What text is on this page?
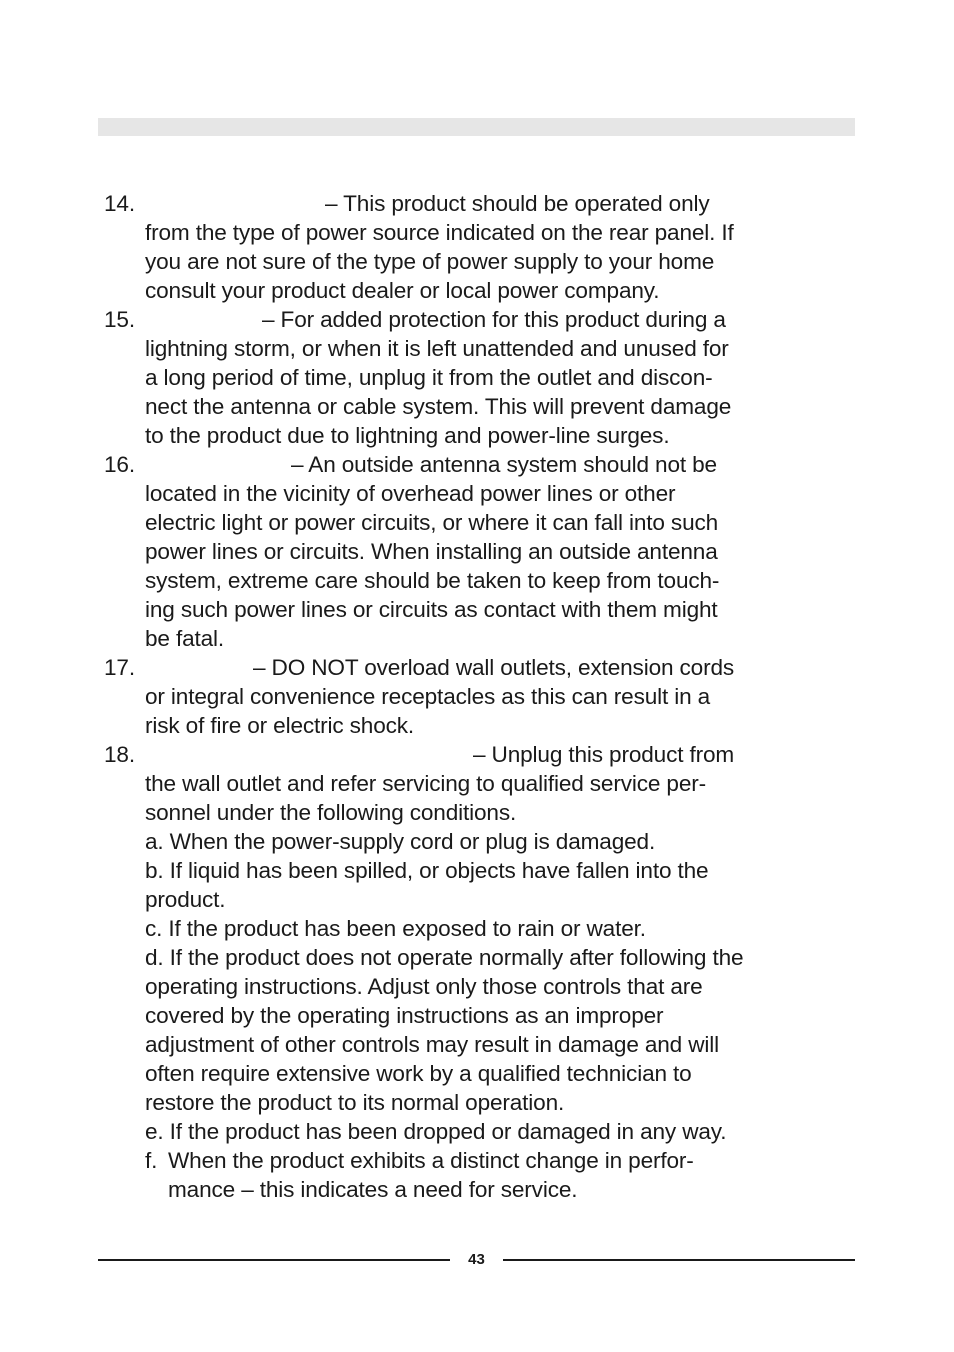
14.	– This product should be operated only
from the type of power source indicated on the rear panel. If
you are not sure of the type of power supply to your home
consult your product dealer or local power company.
15.	– For added protection for this product during a
lightning storm, or when it is left unattended and unused for
a long period of time, unplug it from the outlet and discon-
nect the antenna or cable system. This will prevent damage
to the product due to lightning and power-line surges.
16.	– An outside antenna system should not be
located in the vicinity of overhead power lines or other
electric light or power circuits, or where it can fall into such
power lines or circuits. When installing an outside antenna
system, extreme care should be taken to keep from touch-
ing such power lines or circuits as contact with them might
be fatal.
17.	– DO NOT overload wall outlets, extension cords
or integral convenience receptacles as this can result in a
risk of fire or electric shock.
18.	– Unplug this product from
the wall outlet and refer servicing to qualified service per-
sonnel under the following conditions.
a. When the power-supply cord or plug is damaged.
b. If liquid has been spilled, or objects have fallen into the
product.
c. If the product has been exposed to rain or water.
d. If the product does not operate normally after following the
operating instructions. Adjust only those controls that are
covered by the operating instructions as an improper
adjustment of other controls may result in damage and will
often require extensive work by a qualified technician to
restore the product to its normal operation.
e. If the product has been dropped or damaged in any way.
f. When the product exhibits a distinct change in perfor-
mance – this indicates a need for service.
43
